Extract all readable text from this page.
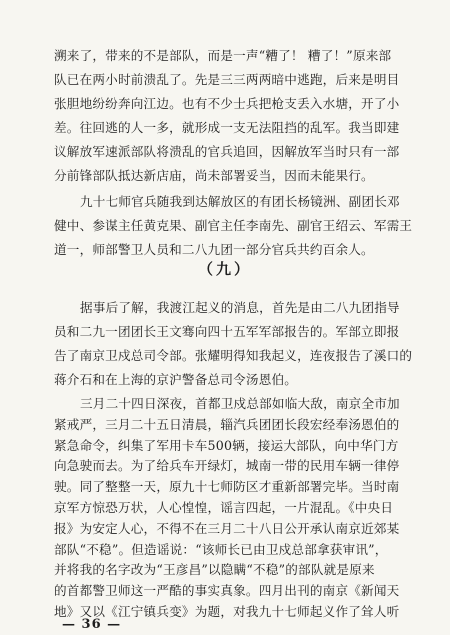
溯来了，带来的不是部队，而是一声“糟了！ 糟了！”原来部
队已在两小时前溃乱了。先是三三两两暗中逃跑，后来是明目
张胆地纷纷奔向江边。也有不少士兵把枪支丢入水塘，开了小
差。往回逃的人一多，就形成一支无法阻挡的乱军。我当即建
议解放军速派部队将溃乱的官兵追回，因解放军当时只有一部
分前锋部队抵达新店庙，尚未部署妥当，因而未能果行。
九十七师官兵随我到达解放区的有团长杨镜洲、副团长邓
健中、参谋主任黄克果、副官主任李南先、副官王绍云、军需王
道一，师部警卫人员和二八九团一部分官兵共约百余人。
（九）
据事后了解，我渡江起义的消息，首先是由二八九团指导
员和二九一团团长王文骞向四十五军军部报告的。军部立即报
告了南京卫戍总司令部。张耀明得知我起义，连夜报告了溪口的
蒋介石和在上海的京沪警备总司令汤恩伯。
三月二十四日深夜，首都卫戍总部如临大敌，南京全市加
紧戒严，三月二十五日清晨，辎汽兵团团长段宏经奉汤恩伯的
紧急命令，纠集了军用卡车500辆，接运大部队，向中华门方
向急驶而去。为了给兵车开绿灯，城南一带的民用车辆一律停
驶。同了整整一天，原九十七师防区才重新部署完毕。当时南
京军方惊恐万状，人心惶惶，谣言四起，一片混乱。《中央日
报》为安定人心，不得不在三月二十八日公开承认南京近郊某
部队“不稳”。但造谣说：“该师长已由卫戍总部拿获审讯”，
并将我的名字改为“王彦昌”以隐瞒“不稳”的部队就是原来
的首都警卫师这一严酷的事实真象。四月出刊的南京《新闻天
地》又以《江宁镇兵变》为题，对我九十七师起义作了耸人听
— 36 —
